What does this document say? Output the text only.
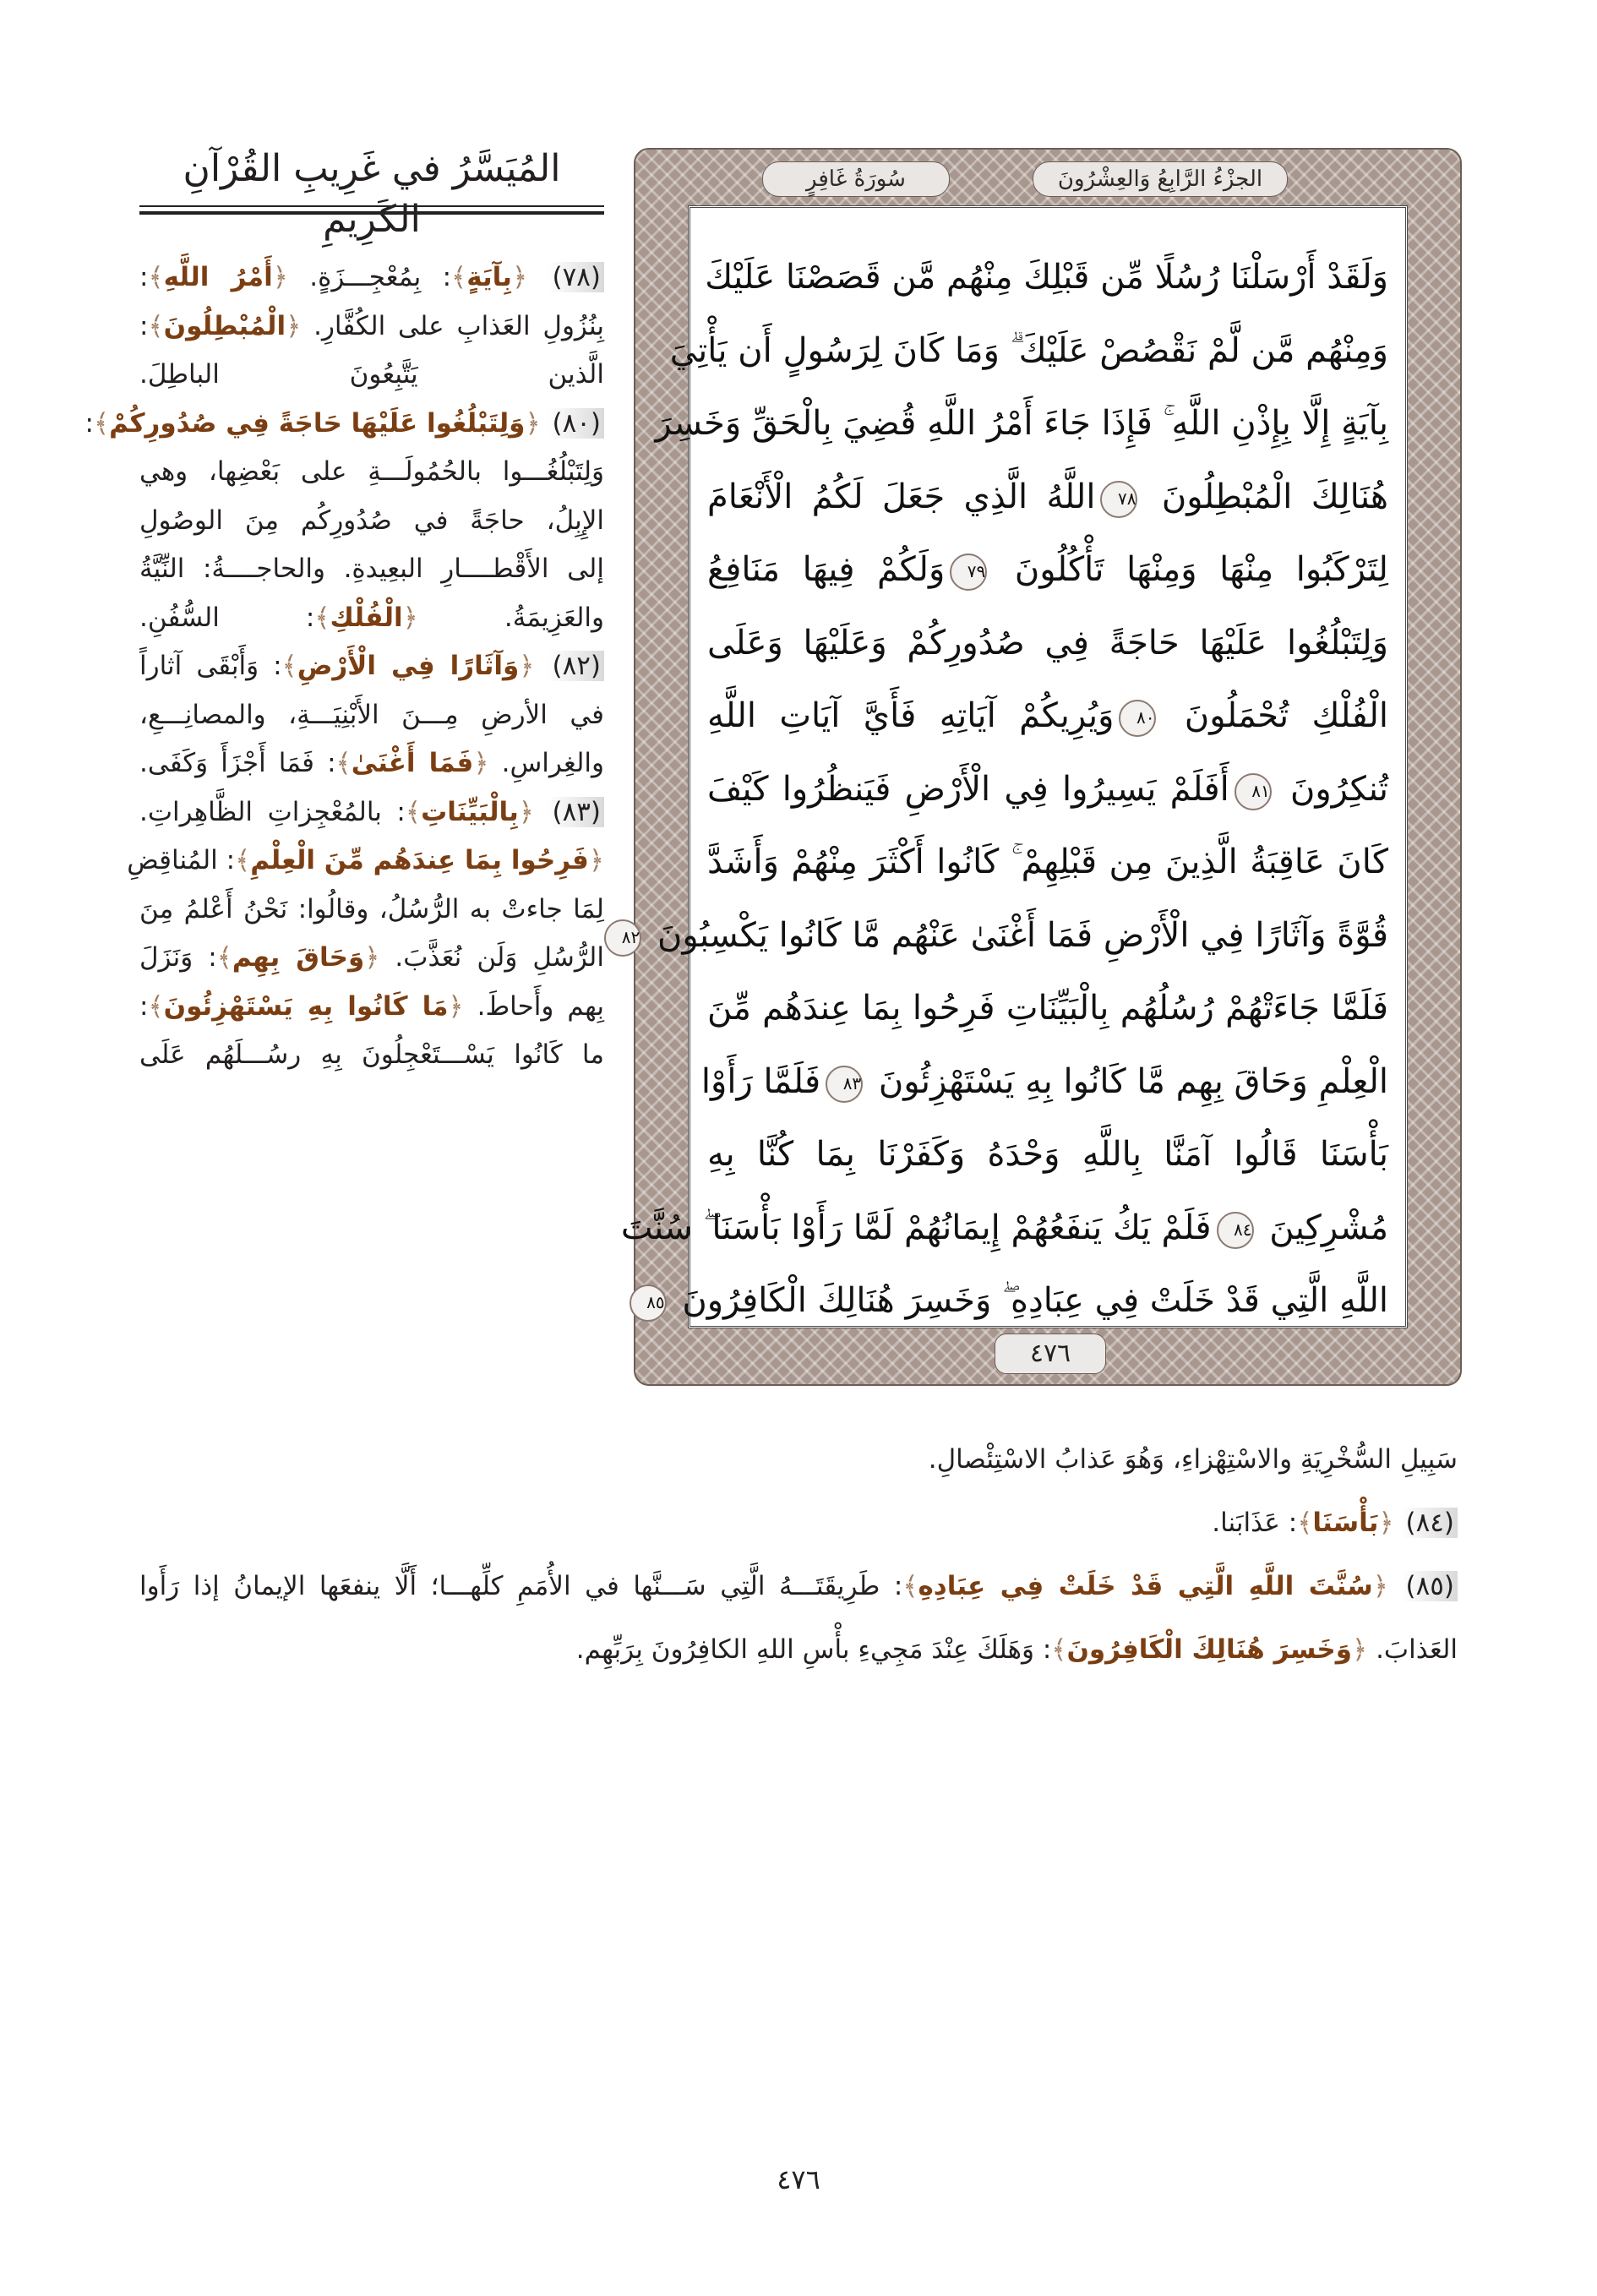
الجزْءُ الرَّابِعُ وَالعِشْرُونَ
سُورَةُ غَافِرٍ
وَلَقَدْ أَرْسَلْنَا رُسُلًا مِّن قَبْلِكَ مِنْهُم مَّن قَصَصْنَا عَلَيْكَ
وَمِنْهُم مَّن لَّمْ نَقْصُصْ عَلَيْكَ ۗ وَمَا كَانَ لِرَسُولٍ أَن يَأْتِيَ
بِآيَةٍ إِلَّا بِإِذْنِ اللَّهِ ۚ فَإِذَا جَاءَ أَمْرُ اللَّهِ قُضِيَ بِالْحَقِّ وَخَسِرَ
هُنَالِكَ الْمُبْطِلُونَ ٧٨اللَّهُ الَّذِي جَعَلَ لَكُمُ الْأَنْعَامَ
لِتَرْكَبُوا مِنْهَا وَمِنْهَا تَأْكُلُونَ ٧٩وَلَكُمْ فِيهَا مَنَافِعُ
وَلِتَبْلُغُوا عَلَيْهَا حَاجَةً فِي صُدُورِكُمْ وَعَلَيْهَا وَعَلَى
الْفُلْكِ تُحْمَلُونَ ٨٠وَيُرِيكُمْ آيَاتِهِ فَأَيَّ آيَاتِ اللَّهِ
تُنكِرُونَ ٨١أَفَلَمْ يَسِيرُوا فِي الْأَرْضِ فَيَنظُرُوا كَيْفَ
كَانَ عَاقِبَةُ الَّذِينَ مِن قَبْلِهِمْ ۚ كَانُوا أَكْثَرَ مِنْهُمْ وَأَشَدَّ
قُوَّةً وَآثَارًا فِي الْأَرْضِ فَمَا أَغْنَىٰ عَنْهُم مَّا كَانُوا يَكْسِبُونَ ٨٢
فَلَمَّا جَاءَتْهُمْ رُسُلُهُم بِالْبَيِّنَاتِ فَرِحُوا بِمَا عِندَهُم مِّنَ
الْعِلْمِ وَحَاقَ بِهِم مَّا كَانُوا بِهِ يَسْتَهْزِئُونَ ٨٣فَلَمَّا رَأَوْا
بَأْسَنَا قَالُوا آمَنَّا بِاللَّهِ وَحْدَهُ وَكَفَرْنَا بِمَا كُنَّا بِهِ
مُشْرِكِينَ ٨٤فَلَمْ يَكُ يَنفَعُهُمْ إِيمَانُهُمْ لَمَّا رَأَوْا بَأْسَنَا ۖ سُنَّتَ
اللَّهِ الَّتِي قَدْ خَلَتْ فِي عِبَادِهِ ۖ وَخَسِرَ هُنَالِكَ الْكَافِرُونَ ٨٥
٤٧٦
المُيَسَّرُ في غَرِيبِ القُرْآنِ الكَرِيمِ
(٧٨) ﴿بِآيَةٍ﴾: بِمُعْجِـــزَةٍ. ﴿أَمْرُ اللَّهِ﴾:
بِنُزُولِ العَذابِ على الكُفَّارِ. ﴿الْمُبْطِلُونَ﴾:
الَّذين يَتَّبِعُونَ الباطِلَ.
(٨٠) ﴿وَلِتَبْلُغُوا عَلَيْهَا حَاجَةً فِي صُدُورِكُمْ﴾:
وَلِتَبْلُغُـــوا بالحُمُولَـــةِ على بَعْضِها، وهي
الإِبِلُ، حاجَةً في صُدُورِكُم مِنَ الوصُولِ
إلى الأَقْطــــارِ البعِيدةِ. والحاجــــةُ: النِّيَّةُ
والعَزِيمَةُ. ﴿الْفُلْكِ﴾: السُّفُنِ.
(٨٢) ﴿وَآثَارًا فِي الْأَرْضِ﴾: وَأَبْقَى آثاراً
في الأرضِ مِـــنَ الأَبْنِيَـــةِ، والمصانِـــعِ،
والغِراسِ. ﴿فَمَا أَغْنَىٰ﴾: فَمَا أَجْزَأَ وَكَفَى.
(٨٣) ﴿بِالْبَيِّنَاتِ﴾: بالمُعْجِزاتِ الظَّاهِراتِ.
﴿فَرِحُوا بِمَا عِندَهُم مِّنَ الْعِلْمِ﴾: المُناقِضِ
لِمَا جاءتْ به الرُّسُلُ، وقالُوا: نَحْنُ أَعْلمُ مِنَ
الرُّسُلِ وَلَن نُعَذَّبَ. ﴿وَحَاقَ بِهِم﴾: وَنَزَلَ
بِهم وأَحاطَ. ﴿مَا كَانُوا بِهِ يَسْتَهْزِئُونَ﴾:
ما كَانُوا يَسْـــتَعْجِلُونَ بِهِ رسُـــلَهُم عَلَى
سَبِيلِ السُّخْرِيَةِ والاسْتِهْزاءِ، وَهُوَ عَذابُ الاسْتِئْصالِ.
(٨٤) ﴿بَأْسَنَا﴾: عَذَابَنا.
(٨٥) ﴿سُنَّتَ اللَّهِ الَّتِي قَدْ خَلَتْ فِي عِبَادِهِ﴾: طَرِيقَتَـــهُ الَّتِي سَـــنَّها في الأُمَمِ كلِّهـــا؛ أَلَّا ينفعَها الإيمانُ إذا رَأَوا
العَذابَ. ﴿وَخَسِرَ هُنَالِكَ الْكَافِرُونَ﴾: وَهَلَكَ عِنْدَ مَجِيءِ بأْسِ اللهِ الكافِرُونَ بِرَبِّهِم.
٤٧٦
